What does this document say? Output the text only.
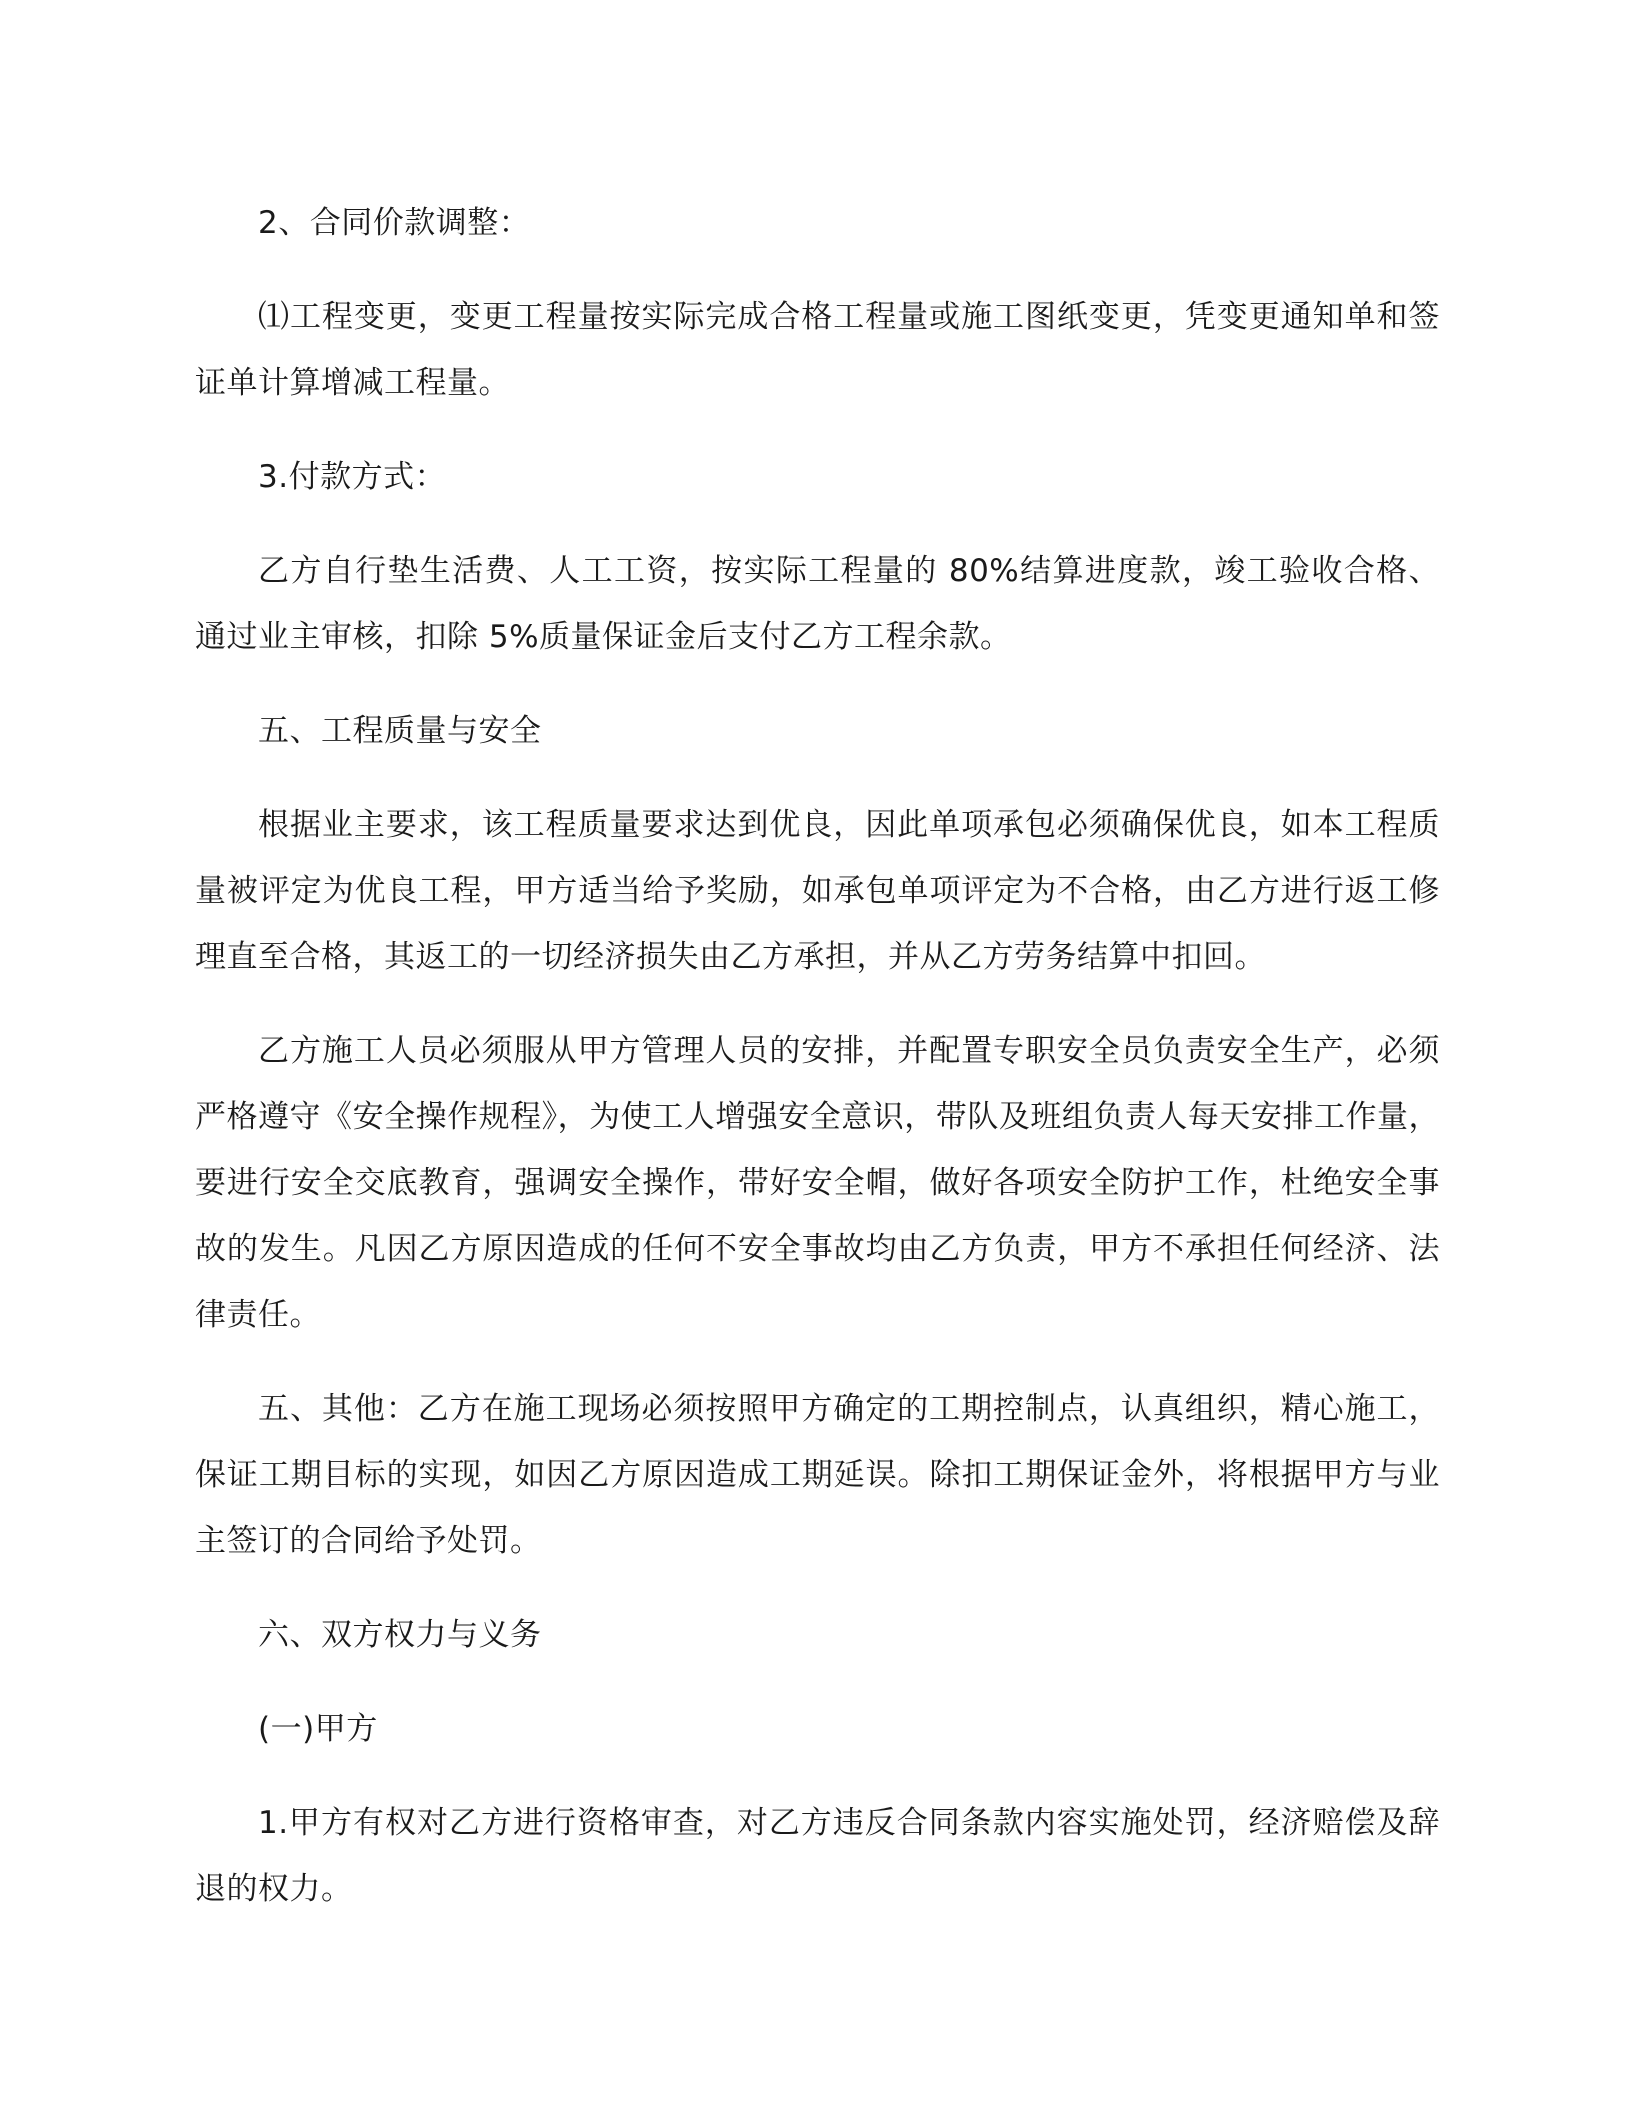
2、合同价款调整：

⑴工程变更，变更工程量按实际完成合格工程量或施工图纸变更，凭变更通知单和签证单计算增减工程量。

3.付款方式：

乙方自行垫生活费、人工工资，按实际工程量的 80%结算进度款，竣工验收合格、通过业主审核，扣除 5%质量保证金后支付乙方工程余款。

五、工程质量与安全

根据业主要求，该工程质量要求达到优良，因此单项承包必须确保优良，如本工程质量被评定为优良工程，甲方适当给予奖励，如承包单项评定为不合格，由乙方进行返工修理直至合格，其返工的一切经济损失由乙方承担，并从乙方劳务结算中扣回。

乙方施工人员必须服从甲方管理人员的安排，并配置专职安全员负责安全生产，必须严格遵守《安全操作规程》，为使工人增强安全意识，带队及班组负责人每天安排工作量，要进行安全交底教育，强调安全操作，带好安全帽，做好各项安全防护工作，杜绝安全事故的发生。凡因乙方原因造成的任何不安全事故均由乙方负责，甲方不承担任何经济、法律责任。

五、其他：乙方在施工现场必须按照甲方确定的工期控制点，认真组织，精心施工，保证工期目标的实现，如因乙方原因造成工期延误。除扣工期保证金外，将根据甲方与业主签订的合同给予处罚。

六、双方权力与义务

(一)甲方

1.甲方有权对乙方进行资格审查，对乙方违反合同条款内容实施处罚，经济赔偿及辞退的权力。
